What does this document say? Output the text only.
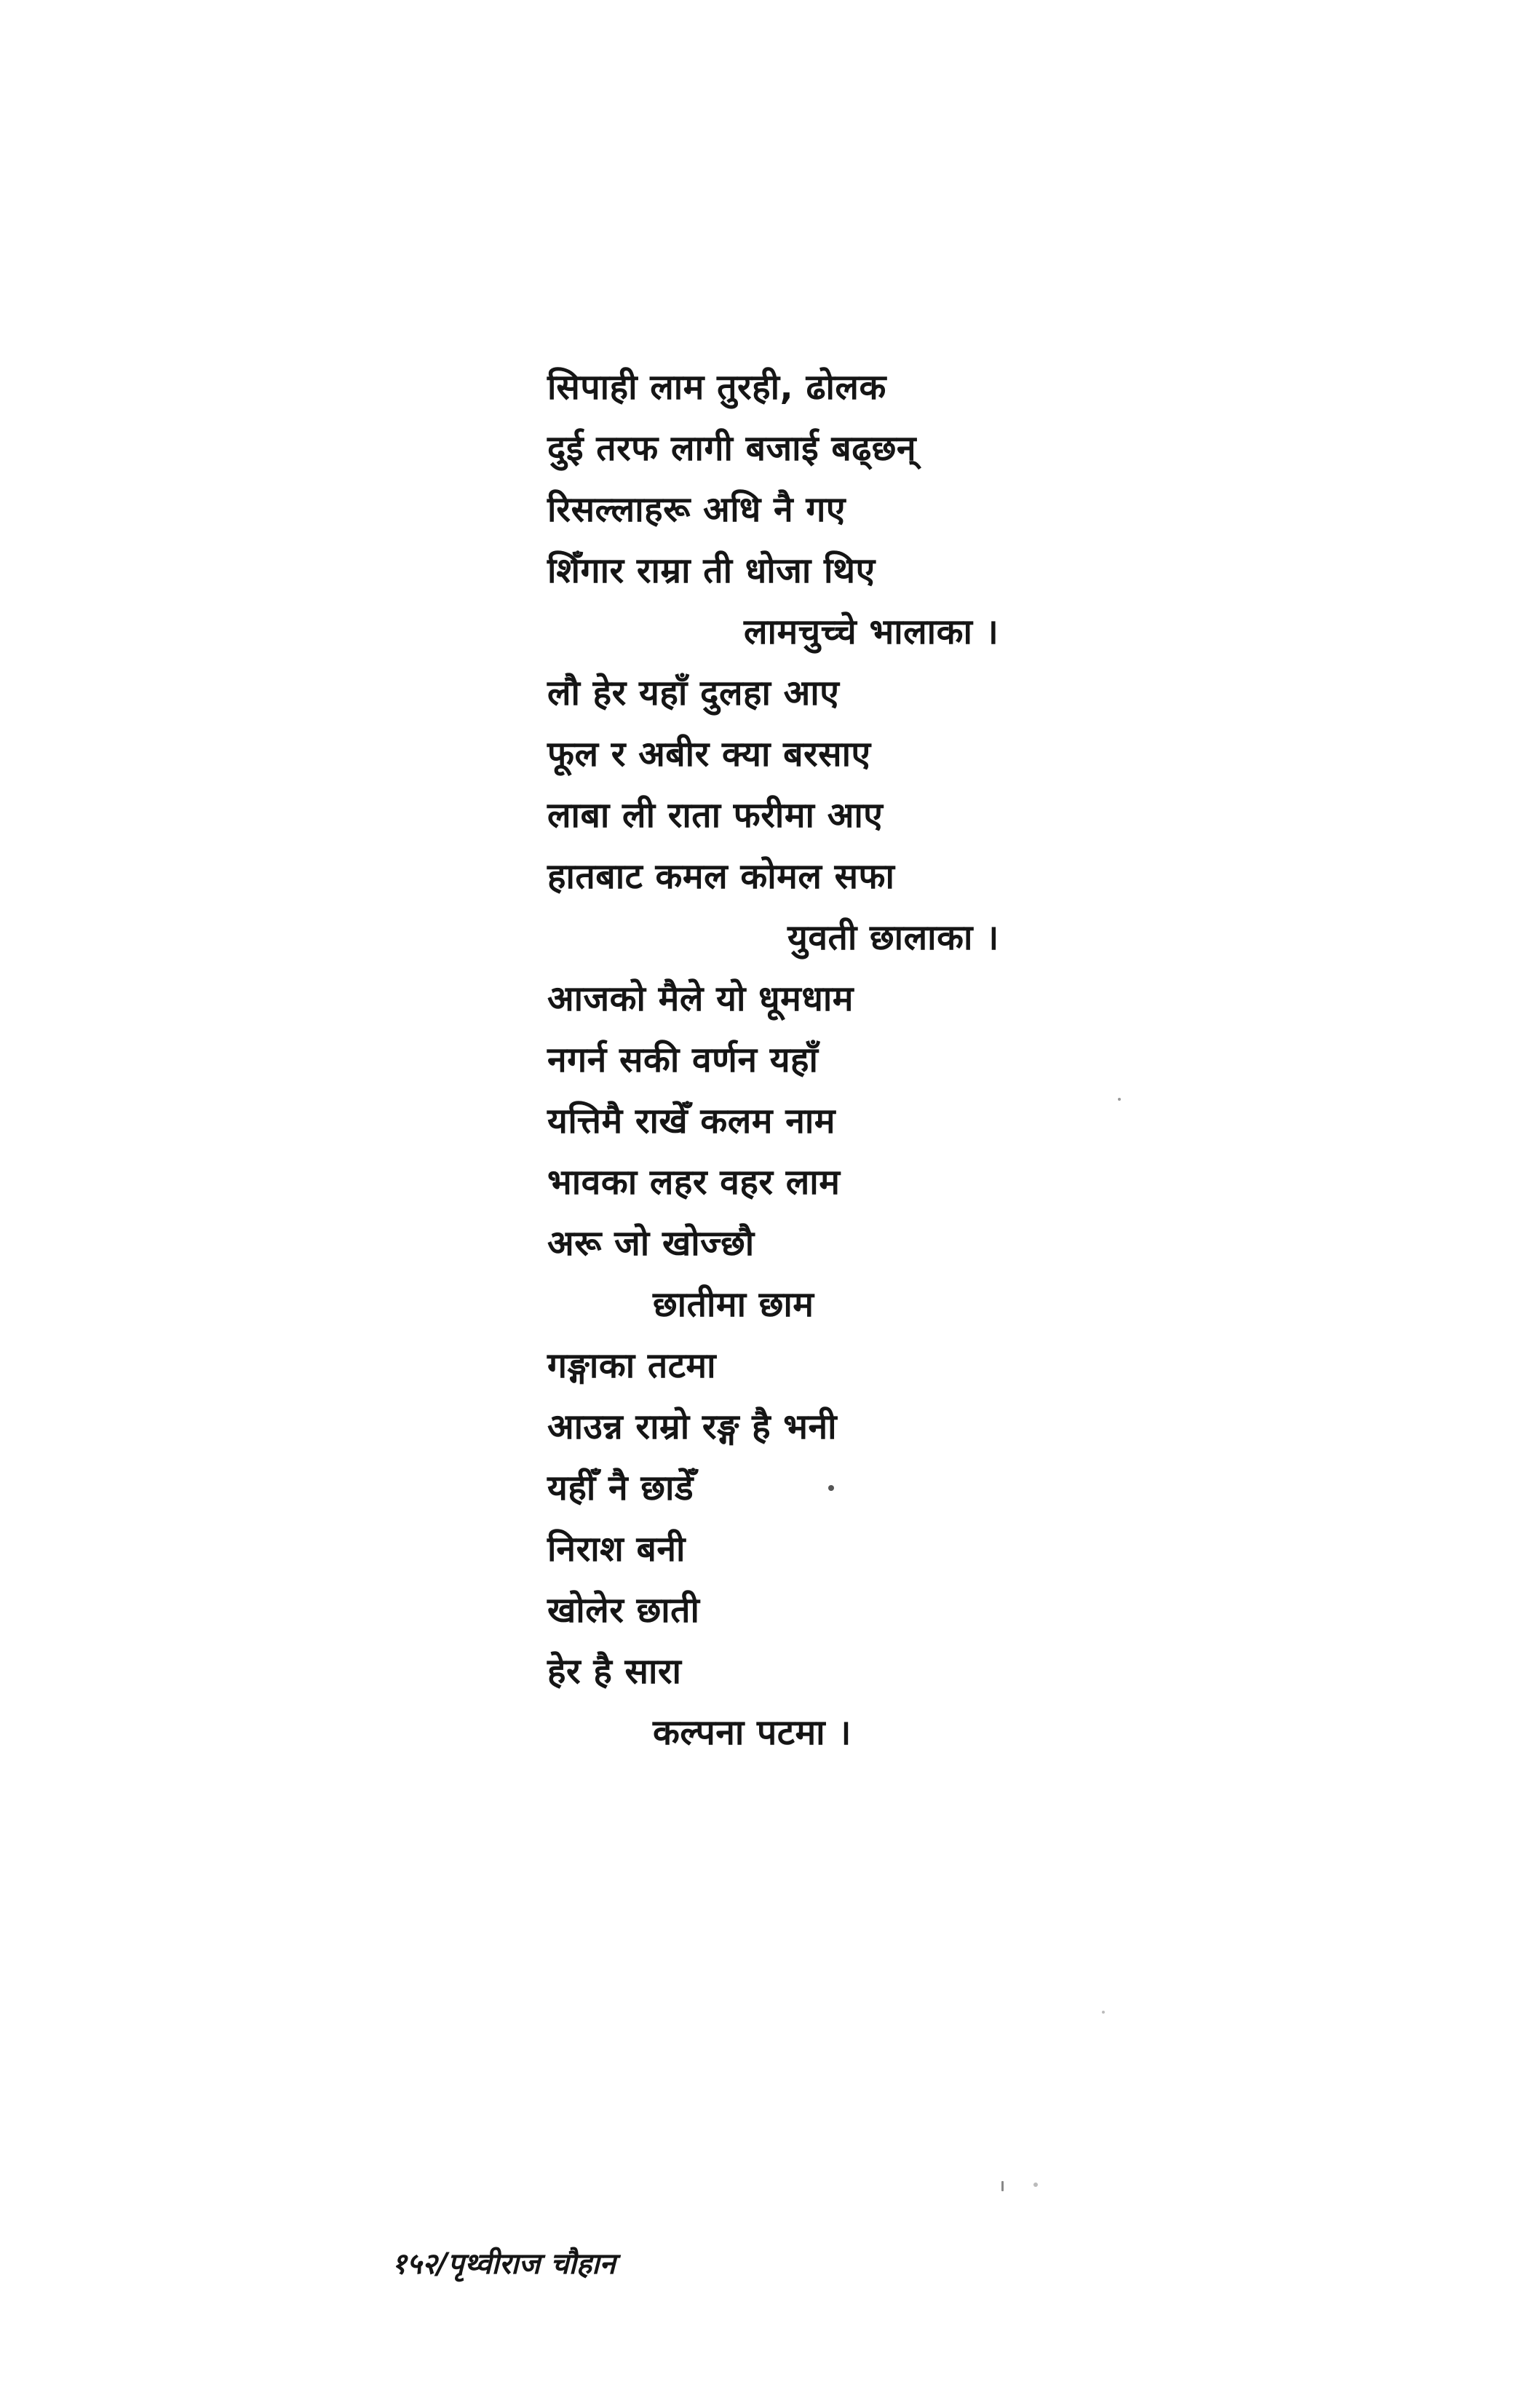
सिपाही लाम तुरही, ढोलक
दुई तरफ लागी बजाई बढ्छन्
रिसल्लाहरू अधि नै गए
शिँगार राम्रा ती धोजा थिए
लामचुच्चे भालाका ।
लौ हेर यहाँ दुलहा आए
फूल र अबीर क्या बरसाए
लाबा ली राता फरीमा आए
हातबाट कमल कोमल सफा
युवती छालाका ।
आजको मैले यो धूमधाम
नगर्न सकी वर्णन यहाँ
यत्तिमै राखेँ कलम नाम
भावका लहर वहर लाम
अरू जो खोज्छौ
छातीमा छाम
गङ्गाका तटमा
आउन्न राम्रो रङ्ग है भनी
यहीँ नै छाडेँ
निराश बनी
खोलेर छाती
हेर है सारा
कल्पना पटमा ।
१५२/पृथ्वीराज चौहान
